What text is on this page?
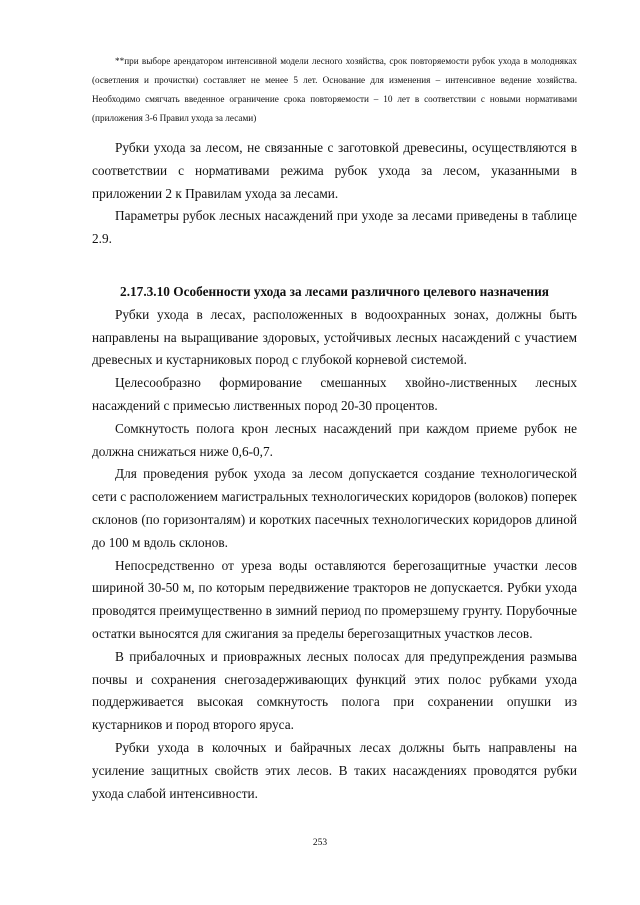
**при выборе арендатором интенсивной модели лесного хозяйства, срок повторяемости рубок ухода в молодняках (осветления и прочистки) составляет не менее 5 лет. Основание для изменения – интенсивное ведение хозяйства. Необходимо смягчать введенное ограничение срока повторяемости – 10 лет в соответствии с новыми нормативами (приложения 3-6 Правил ухода за лесами)

Рубки ухода за лесом, не связанные с заготовкой древесины, осуществляются в соответствии с нормативами режима рубок ухода за лесом, указанными в приложении 2 к Правилам ухода за лесами.

Параметры рубок лесных насаждений при уходе за лесами приведены в таблице 2.9.

2.17.3.10 Особенности ухода за лесами различного целевого назначения

Рубки ухода в лесах, расположенных в водоохранных зонах, должны быть направлены на выращивание здоровых, устойчивых лесных насаждений с участием древесных и кустарниковых пород с глубокой корневой системой.

Целесообразно формирование смешанных хвойно-лиственных лесных насаждений с примесью лиственных пород 20-30 процентов.

Сомкнутость полога крон лесных насаждений при каждом приеме рубок не должна снижаться ниже 0,6-0,7.

Для проведения рубок ухода за лесом допускается создание технологической сети с расположением магистральных технологических коридоров (волоков) поперек склонов (по горизонталям) и коротких пасечных технологических коридоров длиной до 100 м вдоль склонов.

Непосредственно от уреза воды оставляются берегозащитные участки лесов шириной 30-50 м, по которым передвижение тракторов не допускается. Рубки ухода проводятся преимущественно в зимний период по промерзшему грунту. Порубочные остатки выносятся для сжигания за пределы берегозащитных участков лесов.

В прибалочных и приовражных лесных полосах для предупреждения размыва почвы и сохранения снегозадерживающих функций этих полос рубками ухода поддерживается высокая сомкнутость полога при сохранении опушки из кустарников и пород второго яруса.

Рубки ухода в колочных и байрачных лесах должны быть направлены на усиление защитных свойств этих лесов. В таких насаждениях проводятся рубки ухода слабой интенсивности.

253
